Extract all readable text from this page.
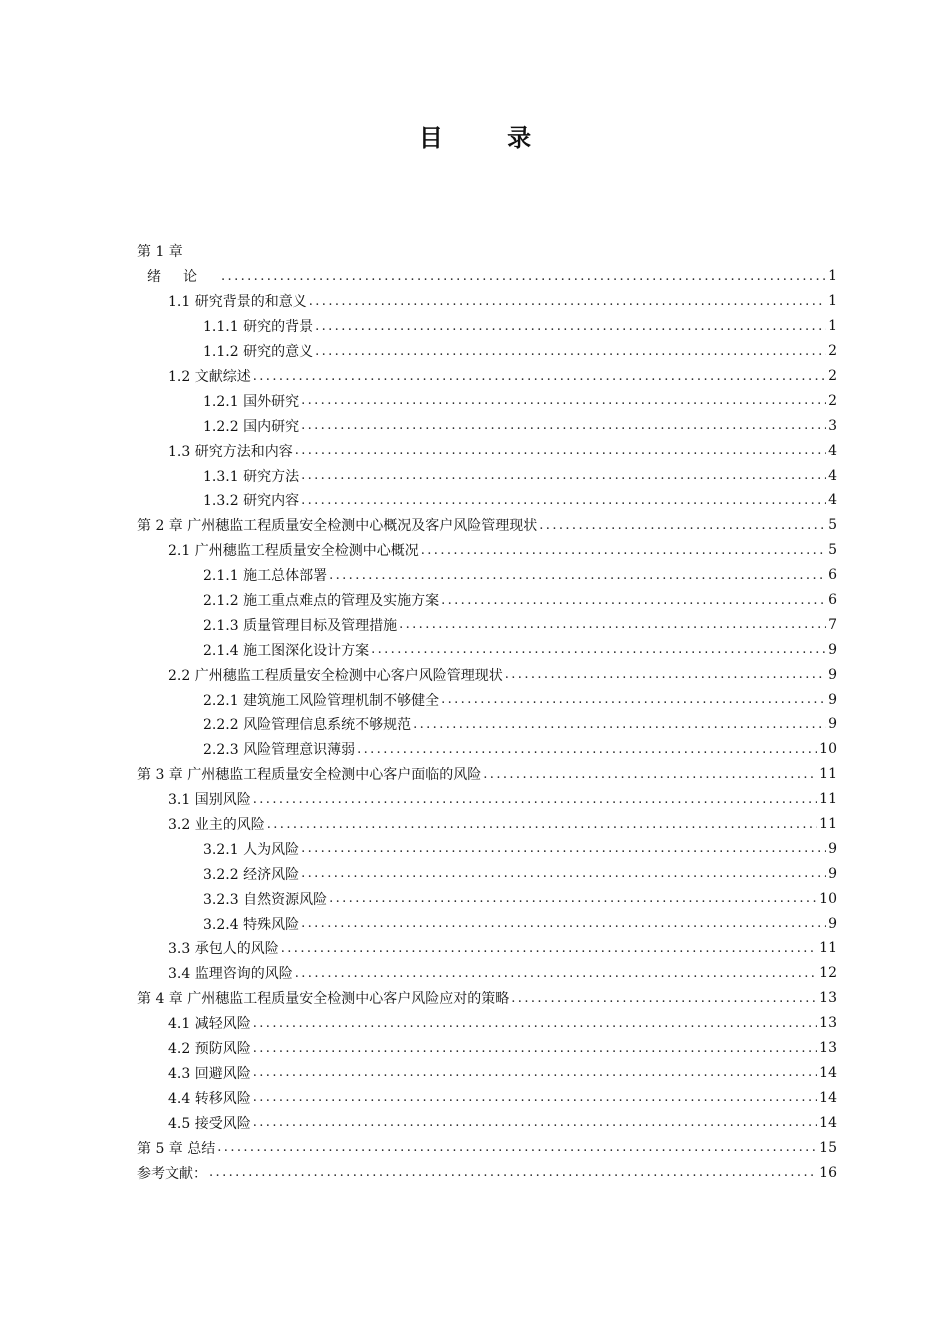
目 录
第 1 章
绪论 .....	1
1.1 研究背景的和意义 .....	1
1.1.1 研究的背景 .....	1
1.1.2 研究的意义 .....	2
1.2 文献综述 .....	2
1.2.1 国外研究 .....	2
1.2.2 国内研究 .....	3
1.3 研究方法和内容 .....	4
1.3.1 研究方法 .....	4
1.3.2 研究内容 .....	4
第 2 章 广州穗监工程质量安全检测中心概况及客户风险管理现状 .....	5
2.1 广州穗监工程质量安全检测中心概况 .....	5
2.1.1 施工总体部署 .....	6
2.1.2 施工重点难点的管理及实施方案 .....	6
2.1.3 质量管理目标及管理措施 .....	7
2.1.4 施工图深化设计方案 .....	9
2.2 广州穗监工程质量安全检测中心客户风险管理现状 .....	9
2.2.1 建筑施工风险管理机制不够健全 .....	9
2.2.2 风险管理信息系统不够规范 .....	9
2.2.3 风险管理意识薄弱 .....	10
第 3 章 广州穗监工程质量安全检测中心客户面临的风险 .....	11
3.1 国别风险 .....	11
3.2 业主的风险 .....	11
3.2.1 人为风险 .....	9
3.2.2 经济风险 .....	9
3.2.3 自然资源风险 .....	10
3.2.4 特殊风险 .....	9
3.3 承包人的风险 .....	11
3.4 监理咨询的风险 .....	12
第 4 章 广州穗监工程质量安全检测中心客户风险应对的策略 .....	13
4.1 减轻风险 .....	13
4.2 预防风险 .....	13
4.3 回避风险 .....	14
4.4 转移风险 .....	14
4.5 接受风险 .....	14
第 5 章 总结 .....	15
参考文献： .....	16
